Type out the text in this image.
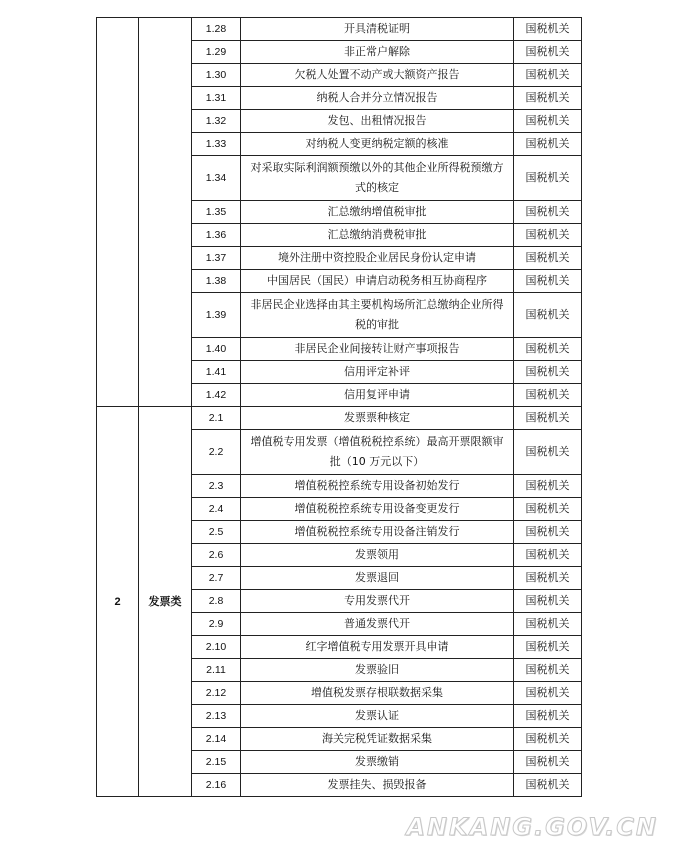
		1.28	开具清税证明	国税机关
		1.29	非正常户解除	国税机关
		1.30	欠税人处置不动产或大额资产报告	国税机关
		1.31	纳税人合并分立情况报告	国税机关
		1.32	发包、出租情况报告	国税机关
		1.33	对纳税人变更纳税定额的核准	国税机关
		1.34	对采取实际利润额预缴以外的其他企业所得税预缴方式的核定	国税机关
		1.35	汇总缴纳增值税审批	国税机关
		1.36	汇总缴纳消费税审批	国税机关
		1.37	境外注册中资控股企业居民身份认定申请	国税机关
		1.38	中国居民（国民）申请启动税务相互协商程序	国税机关
		1.39	非居民企业选择由其主要机构场所汇总缴纳企业所得税的审批	国税机关
		1.40	非居民企业间接转让财产事项报告	国税机关
		1.41	信用评定补评	国税机关
		1.42	信用复评申请	国税机关
2	发票类	2.1	发票票种核定	国税机关
		2.2	增值税专用发票（增值税税控系统）最高开票限额审批（10 万元以下）	国税机关
		2.3	增值税税控系统专用设备初始发行	国税机关
		2.4	增值税税控系统专用设备变更发行	国税机关
		2.5	增值税税控系统专用设备注销发行	国税机关
		2.6	发票领用	国税机关
		2.7	发票退回	国税机关
		2.8	专用发票代开	国税机关
		2.9	普通发票代开	国税机关
		2.10	红字增值税专用发票开具申请	国税机关
		2.11	发票验旧	国税机关
		2.12	增值税发票存根联数据采集	国税机关
		2.13	发票认证	国税机关
		2.14	海关完税凭证数据采集	国税机关
		2.15	发票缴销	国税机关
		2.16	发票挂失、损毁报备	国税机关
ANKANG.GOV.CN
